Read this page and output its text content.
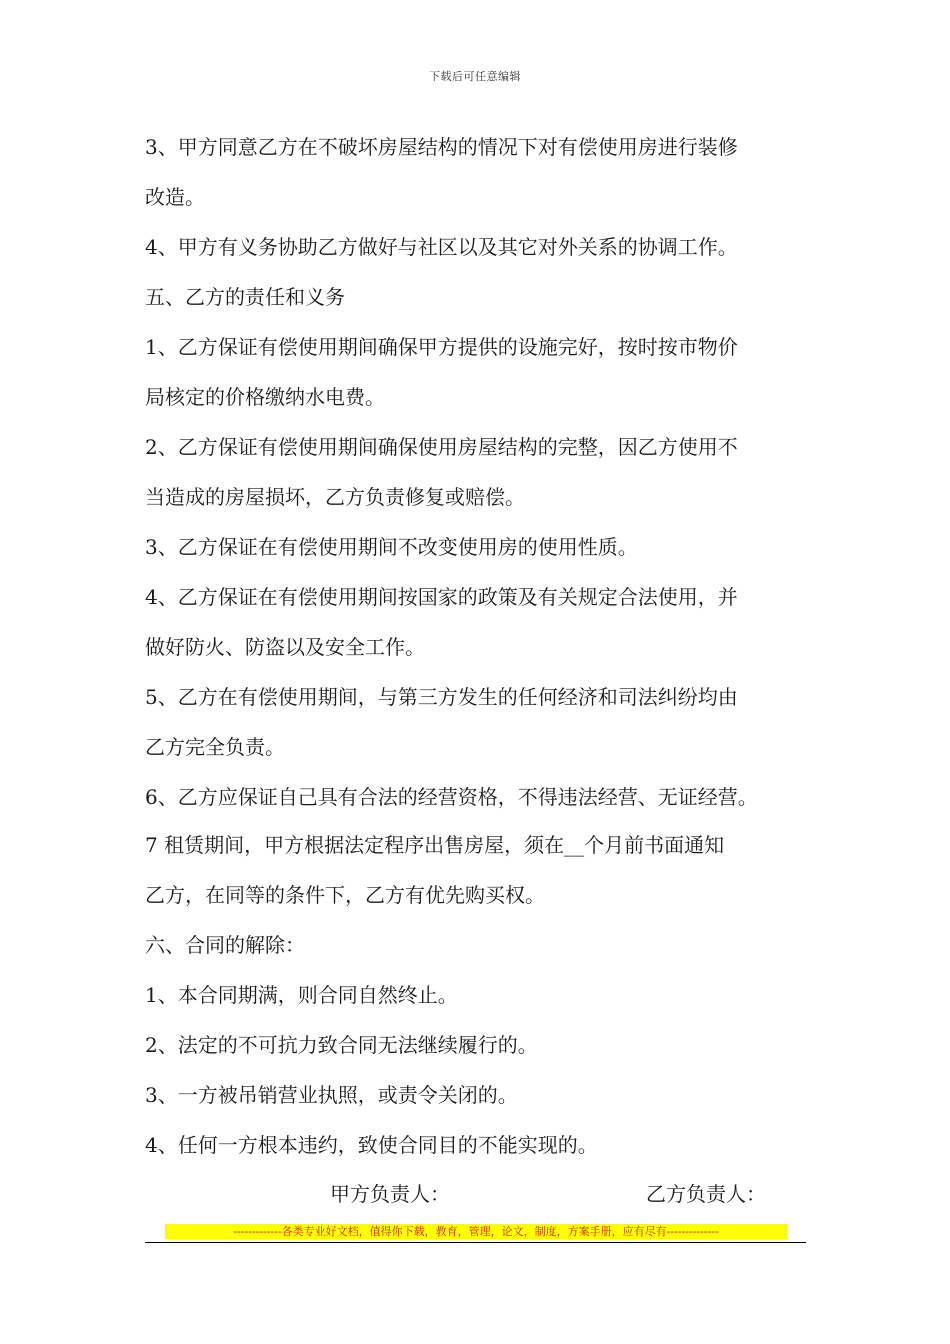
下载后可任意编辑
3、甲方同意乙方在不破坏房屋结构的情况下对有偿使用房进行装修
改造。
4、甲方有义务协助乙方做好与社区以及其它对外关系的协调工作。
五、乙方的责任和义务
1、乙方保证有偿使用期间确保甲方提供的设施完好，按时按市物价
局核定的价格缴纳水电费。
2、乙方保证有偿使用期间确保使用房屋结构的完整，因乙方使用不
当造成的房屋损坏，乙方负责修复或赔偿。
3、乙方保证在有偿使用期间不改变使用房的使用性质。
4、乙方保证在有偿使用期间按国家的政策及有关规定合法使用，并
做好防火、防盗以及安全工作。
5、乙方在有偿使用期间，与第三方发生的任何经济和司法纠纷均由
乙方完全负责。
6、乙方应保证自己具有合法的经营资格，不得违法经营、无证经营。
7 租赁期间，甲方根据法定程序出售房屋，须在__个月前书面通知
乙方，在同等的条件下，乙方有优先购买权。
六、合同的解除：
1、本合同期满，则合同自然终止。
2、法定的不可抗力致合同无法继续履行的。
3、一方被吊销营业执照，或责令关闭的。
4、任何一方根本违约，致使合同目的不能实现的。
甲方负责人：	乙方负责人：
-------------各类专业好文档，值得你下载，教育，管理，论文，制度，方案手册，应有尽有--------------
